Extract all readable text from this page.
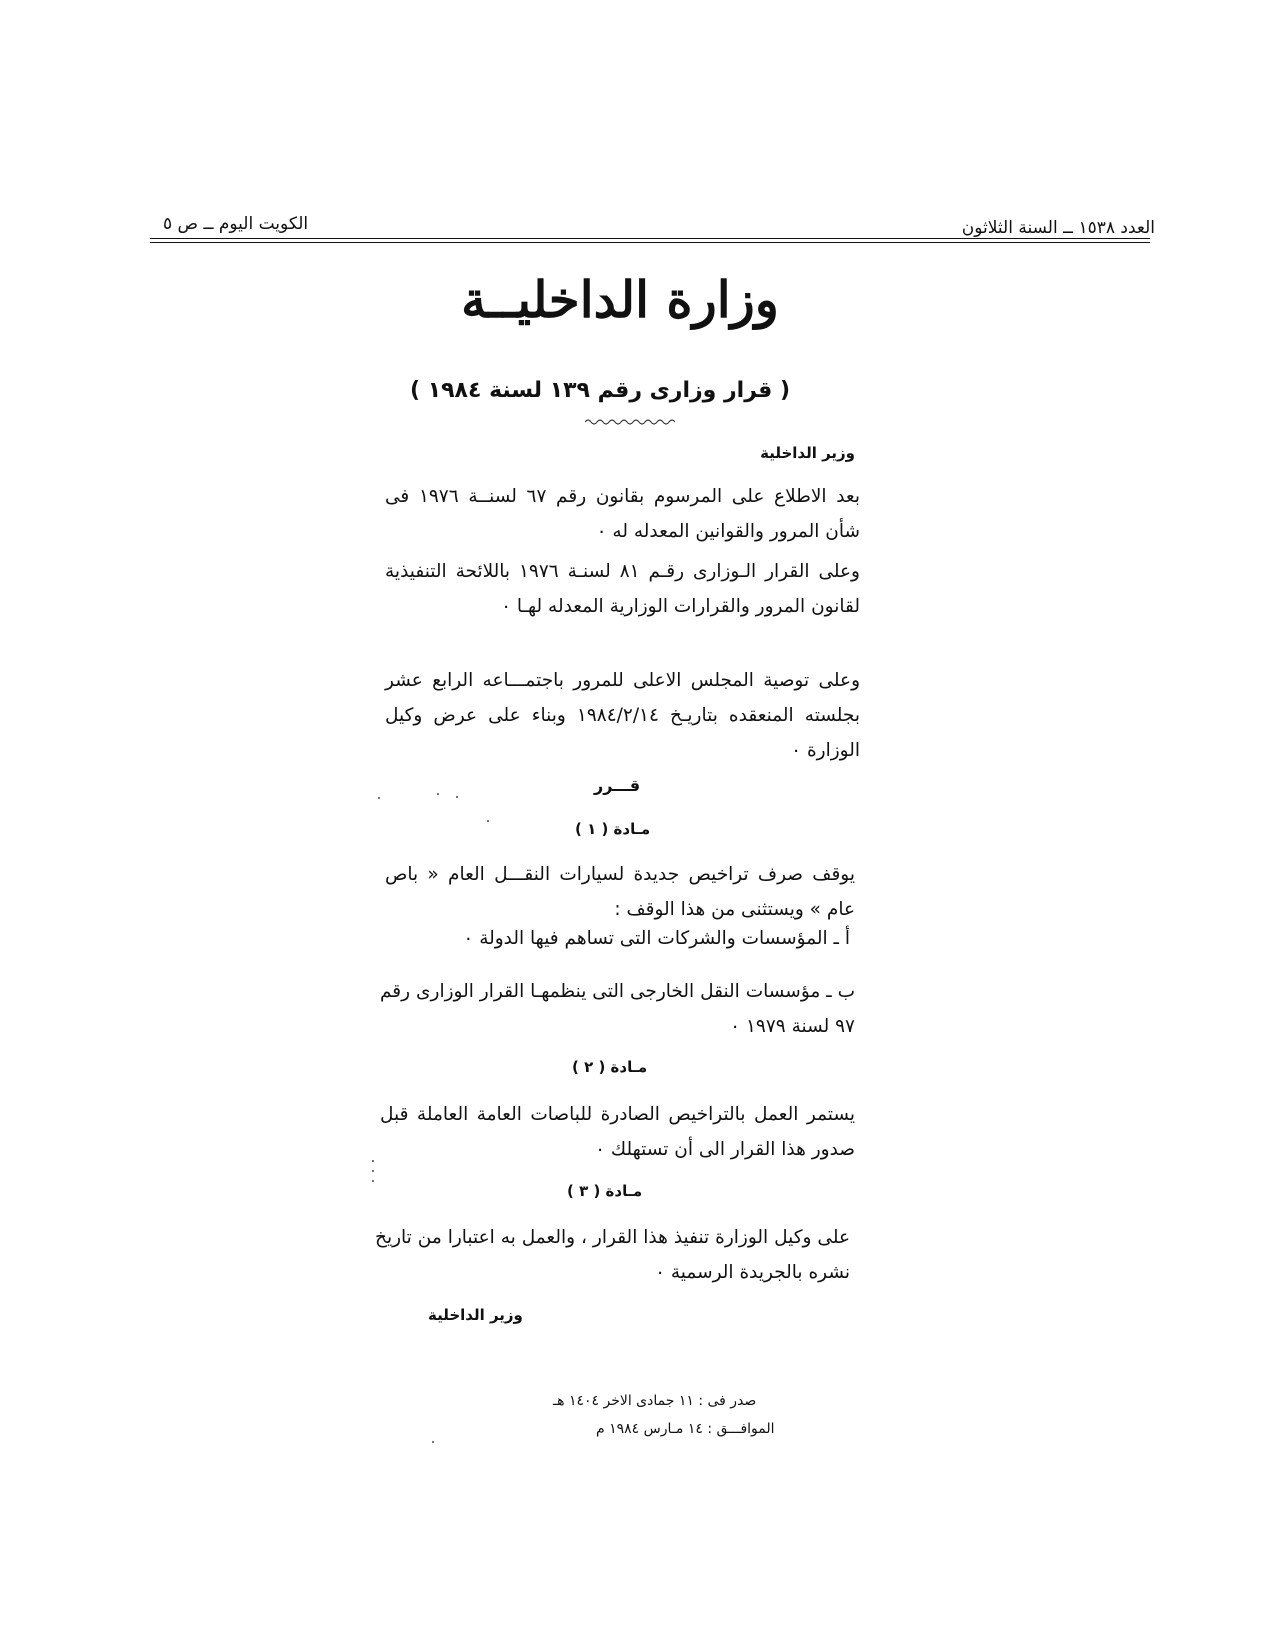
العدد ١٥٣٨ ــ السنة الثلاثون
الكويت اليوم ــ ص ٥
وزارة الداخليــة
( قرار وزارى رقم ١٣٩ لسنة ١٩٨٤ )
وزير الداخلية
بعد الاطلاع على المرسوم بقانون رقم ٦٧ لسنــة ١٩٧٦ فى شأن المرور والقوانين المعدله له ٠
وعلى القرار الـوزارى رقـم ٨١ لسنـة ١٩٧٦ باللائحة التنفيذية لقانون المرور والقرارات الوزارية المعدله لهـا ٠
وعلى توصية المجلس الاعلى للمرور باجتمـــاعه الرابع عشر بجلسته المنعقده بتاريـخ ١٩٨٤/٢/١٤ وبناء على عرض وكيل الوزارة ٠
قـــرر
مـادة ( ١ )
يوقف صرف تراخيص جديدة لسيارات النقـــل العام « باص عام » ويستثنى من هذا الوقف :
أ ـ المؤسسات والشركات التى تساهم فيها الدولة ٠
ب ـ مؤسسات النقل الخارجى التى ينظمهـا القرار الوزارى رقم ٩٧ لسنة ١٩٧٩ ٠
مـادة ( ٢ )
يستمر العمل بالتراخيص الصادرة للباصات العامة العاملة قبل صدور هذا القرار الى أن تستهلك ٠
مـادة ( ٣ )
على وكيل الوزارة تنفيذ هذا القرار ، والعمل به اعتبارا من تاريخ نشره بالجريدة الرسمية ٠
وزير الداخلية
صدر فى : ١١ جمادى الاخر ١٤٠٤ هـ
الموافـــق : ١٤ مـارس ١٩٨٤ م
